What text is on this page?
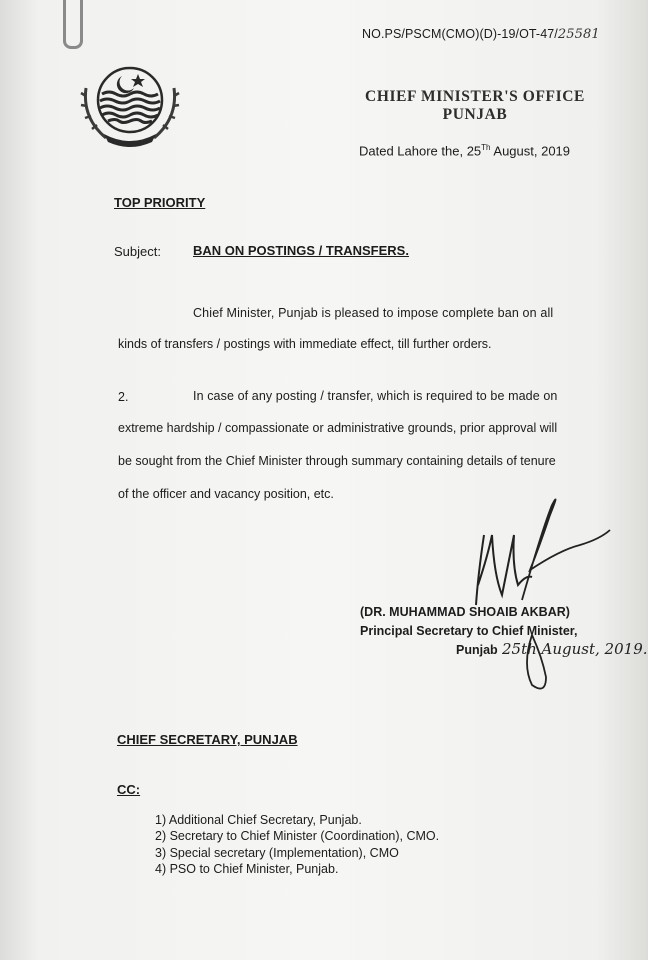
NO.PS/PSCM(CMO)(D)-19/OT-47/25581
CHIEF MINISTER'S OFFICE
PUNJAB
Dated Lahore the, 25Th August, 2019
TOP PRIORITY
Subject: BAN ON POSTINGS / TRANSFERS.
Chief Minister, Punjab is pleased to impose complete ban on all
kinds of transfers / postings with immediate effect, till further orders.
2.	In case of any posting / transfer, which is required to be made on
extreme hardship / compassionate or administrative grounds, prior approval will
be sought from the Chief Minister through summary containing details of tenure
of the officer and vacancy position, etc.
(DR. MUHAMMAD SHOAIB AKBAR)
Principal Secretary to Chief Minister,
Punjab 25th August, 2019.
CHIEF SECRETARY, PUNJAB
CC:
1) Additional Chief Secretary, Punjab.
2) Secretary to Chief Minister (Coordination), CMO.
3) Special secretary (Implementation), CMO
4) PSO to Chief Minister, Punjab.
